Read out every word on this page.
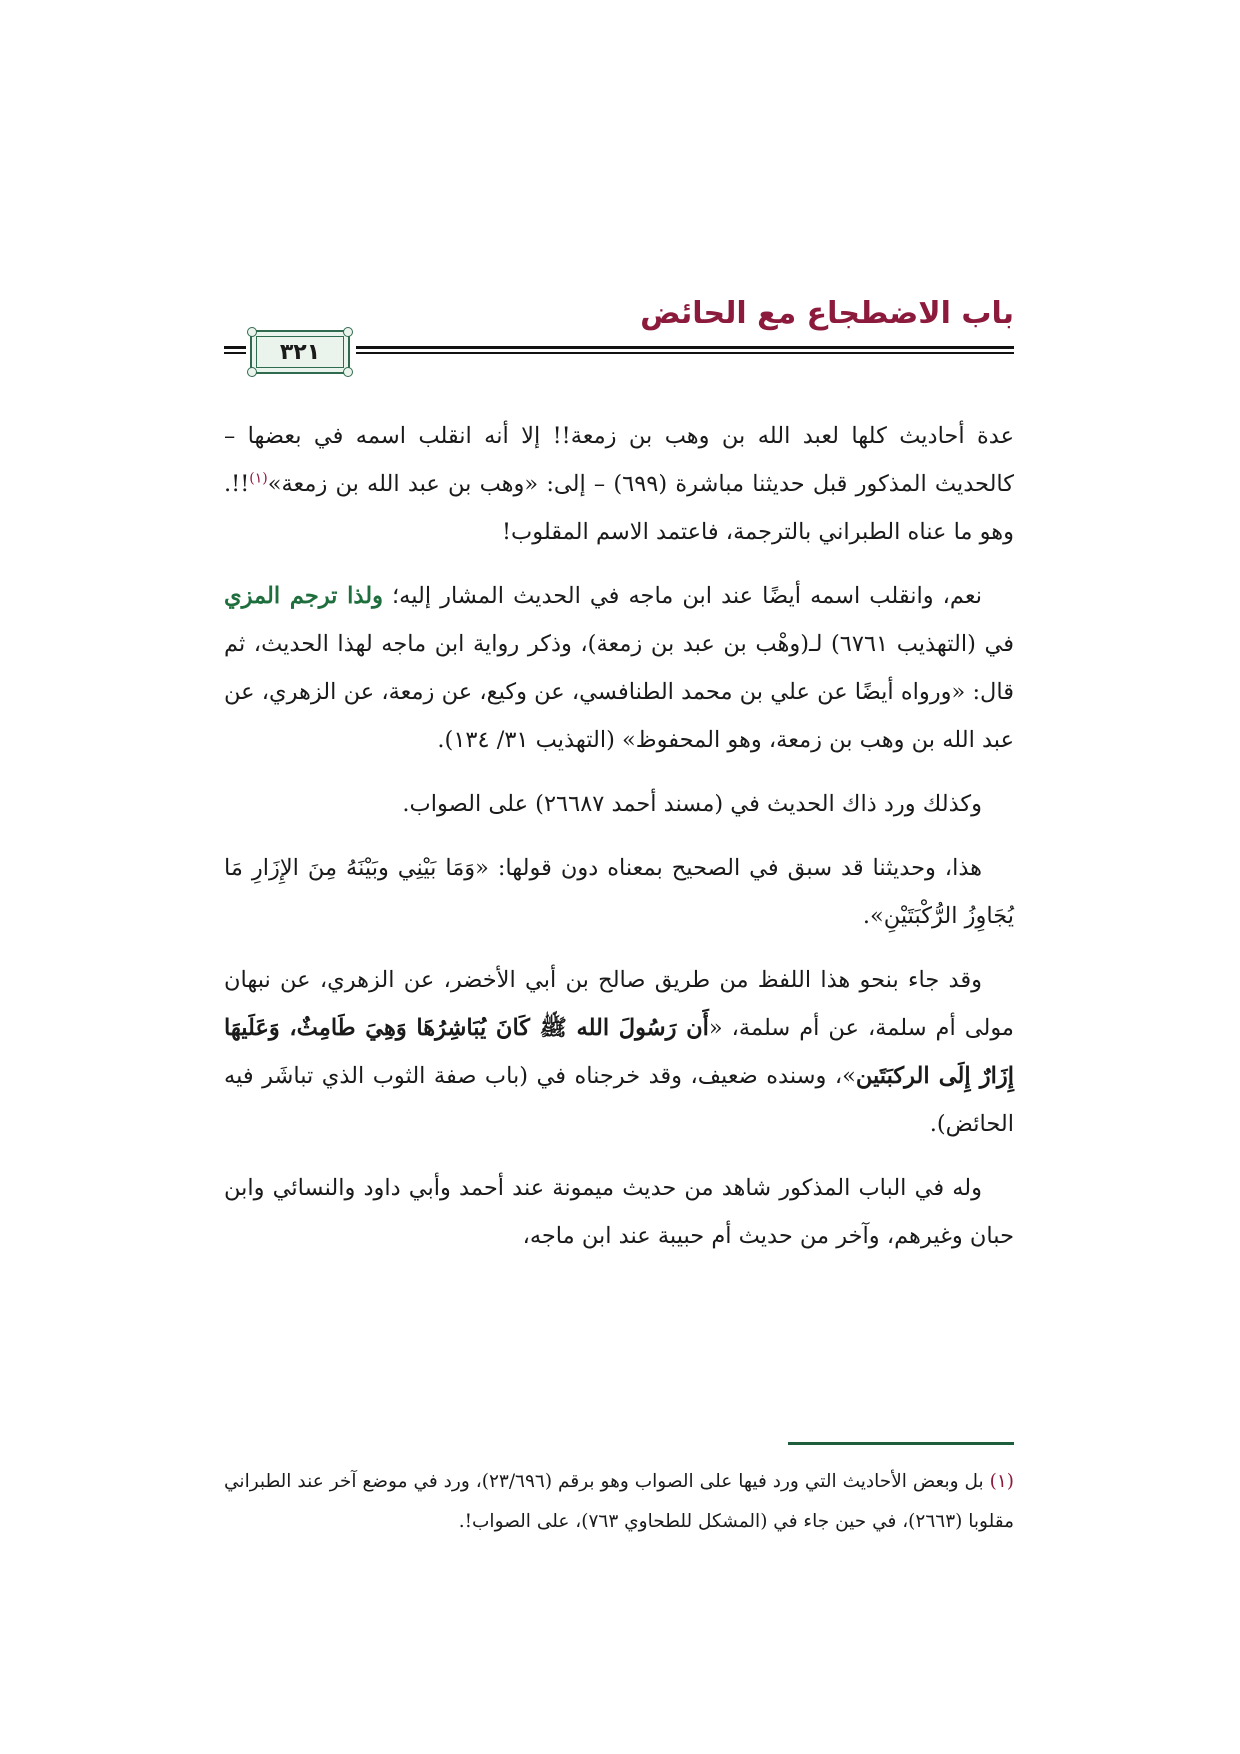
باب الاضطجاع مع الحائض
٣٢١

عدة أحاديث كلها لعبد الله بن وهب بن زمعة!! إلا أنه انقلب اسمه في بعضها – كالحديث المذكور قبل حديثنا مباشرة (٦٩٩) – إلى: «وهب بن عبد الله بن زمعة»$^{(١)}$!!. وهو ما عناه الطبراني بالترجمة، فاعتمد الاسم المقلوب!

نعم، وانقلب اسمه أيضًا عند ابن ماجه في الحديث المشار إليه؛ ولذا ترجم المزي في (التهذيب ٦٧٦١) لـ(وهْب بن عبد بن زمعة)، وذكر رواية ابن ماجه لهذا الحديث، ثم قال: «ورواه أيضًا عن علي بن محمد الطنافسي، عن وكيع، عن زمعة، عن الزهري، عن عبد الله بن وهب بن زمعة، وهو المحفوظ» (التهذيب ٣١/ ١٣٤).

وكذلك ورد ذاك الحديث في (مسند أحمد ٢٦٦٨٧) على الصواب.

هذا، وحديثنا قد سبق في الصحيح بمعناه دون قولها: «وَمَا بَيْنِي وبَيْنَهُ مِنَ الإِزَارِ مَا يُجَاوِزُ الرُّكْبَتَيْنِ».

وقد جاء بنحو هذا اللفظ من طريق صالح بن أبي الأخضر، عن الزهري، عن نبهان مولى أم سلمة، عن أم سلمة، «أَن رَسُولَ الله ﷺ كَانَ يُبَاشِرُهَا وَهِيَ طَامِثٌ، وَعَلَيهَا إِزَارٌ إِلَى الركبَتَين»، وسنده ضعيف، وقد خرجناه في (باب صفة الثوب الذي تباشَر فيه الحائض).

وله في الباب المذكور شاهد من حديث ميمونة عند أحمد وأبي داود والنسائي وابن حبان وغيرهم، وآخر من حديث أم حبيبة عند ابن ماجه،

(١) بل وبعض الأحاديث التي ورد فيها على الصواب وهو برقم (٢٣/٦٩٦)، ورد في موضع آخر عند الطبراني مقلوبا (٢٦٦٣)، في حين جاء في (المشكل للطحاوي ٧٦٣)، على الصواب!.
